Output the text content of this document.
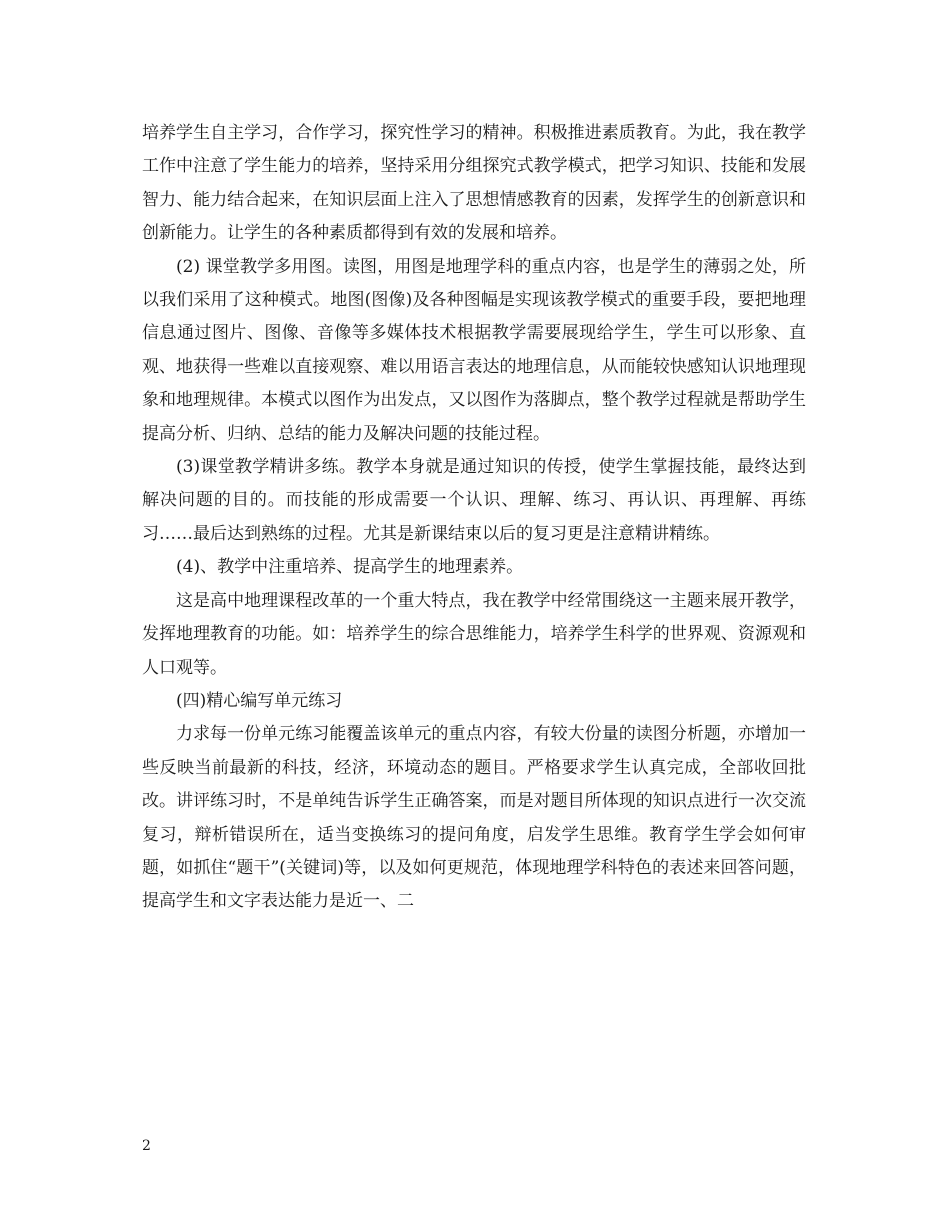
培养学生自主学习，合作学习，探究性学习的精神。积极推进素质教育。为此，我在教学工作中注意了学生能力的培养，坚持采用分组探究式教学模式，把学习知识、技能和发展智力、能力结合起来，在知识层面上注入了思想情感教育的因素，发挥学生的创新意识和创新能力。让学生的各种素质都得到有效的发展和培养。

(2) 课堂教学多用图。读图，用图是地理学科的重点内容，也是学生的薄弱之处，所以我们采用了这种模式。地图(图像)及各种图幅是实现该教学模式的重要手段，要把地理信息通过图片、图像、音像等多媒体技术根据教学需要展现给学生，学生可以形象、直观、地获得一些难以直接观察、难以用语言表达的地理信息，从而能较快感知认识地理现象和地理规律。本模式以图作为出发点，又以图作为落脚点，整个教学过程就是帮助学生提高分析、归纳、总结的能力及解决问题的技能过程。

(3)课堂教学精讲多练。教学本身就是通过知识的传授，使学生掌握技能，最终达到解决问题的目的。而技能的形成需要一个认识、理解、练习、再认识、再理解、再练习……最后达到熟练的过程。尤其是新课结束以后的复习更是注意精讲精练。

(4)、教学中注重培养、提高学生的地理素养。

这是高中地理课程改革的一个重大特点，我在教学中经常围绕这一主题来展开教学，发挥地理教育的功能。如：培养学生的综合思维能力，培养学生科学的世界观、资源观和人口观等。

(四)精心编写单元练习

力求每一份单元练习能覆盖该单元的重点内容，有较大份量的读图分析题，亦增加一些反映当前最新的科技，经济，环境动态的题目。严格要求学生认真完成，全部收回批改。讲评练习时，不是单纯告诉学生正确答案，而是对题目所体现的知识点进行一次交流复习，辩析错误所在，适当变换练习的提问角度，启发学生思维。教育学生学会如何审题，如抓住“题干”(关键词)等，以及如何更规范，体现地理学科特色的表述来回答问题，提高学生和文字表达能力是近一、二

2
